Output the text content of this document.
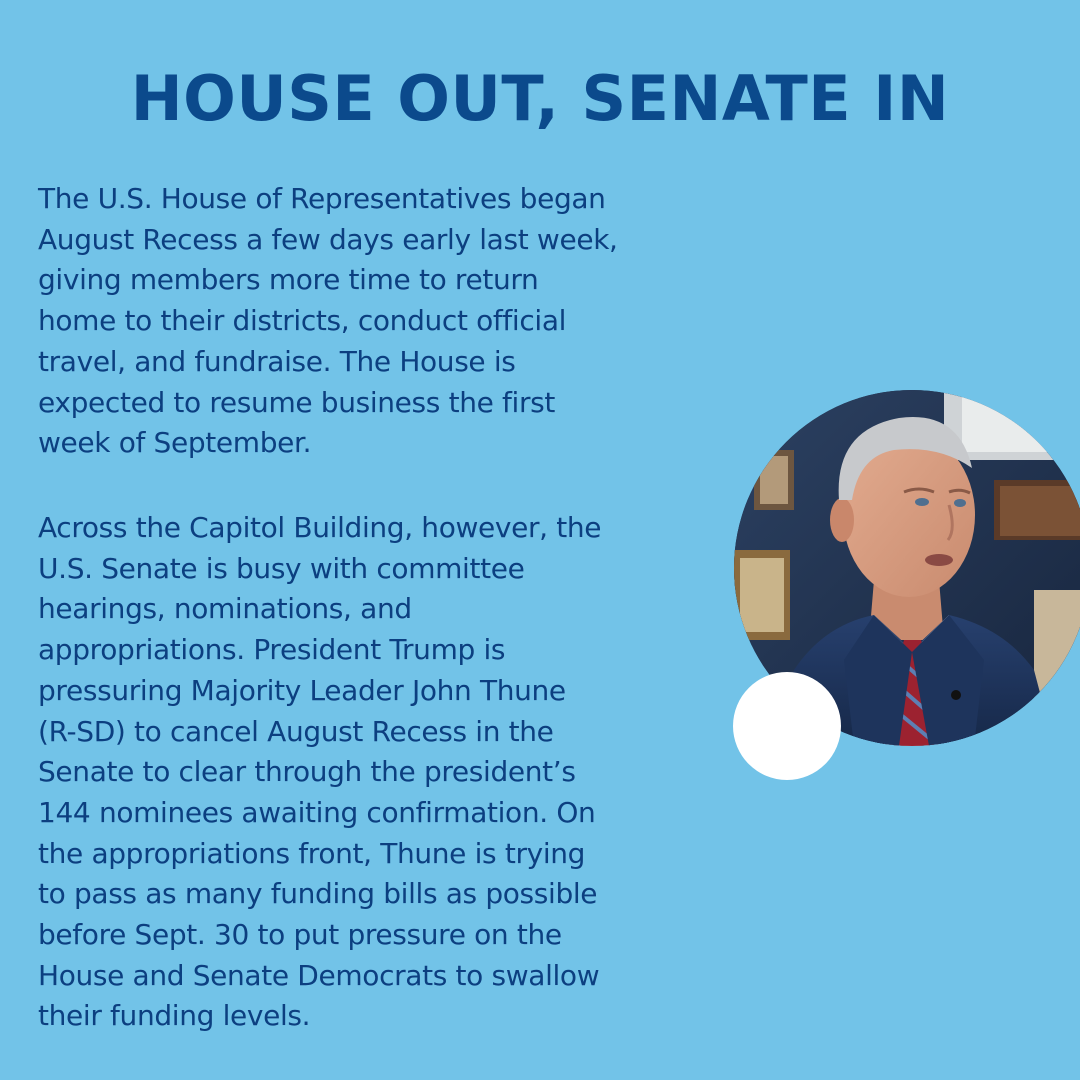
HOUSE OUT, SENATE IN

The U.S. House of Representatives began
August Recess a few days early last week,
giving members more time to return
home to their districts, conduct official
travel, and fundraise. The House is
expected to resume business the first
week of September.

Across the Capitol Building, however, the
U.S. Senate is busy with committee
hearings, nominations, and
appropriations. President Trump is
pressuring Majority Leader John Thune
(R-SD) to cancel August Recess in the
Senate to clear through the president’s
144 nominees awaiting confirmation. On
the appropriations front, Thune is trying
to pass as many funding bills as possible
before Sept. 30 to put pressure on the
House and Senate Democrats to swallow
their funding levels.
